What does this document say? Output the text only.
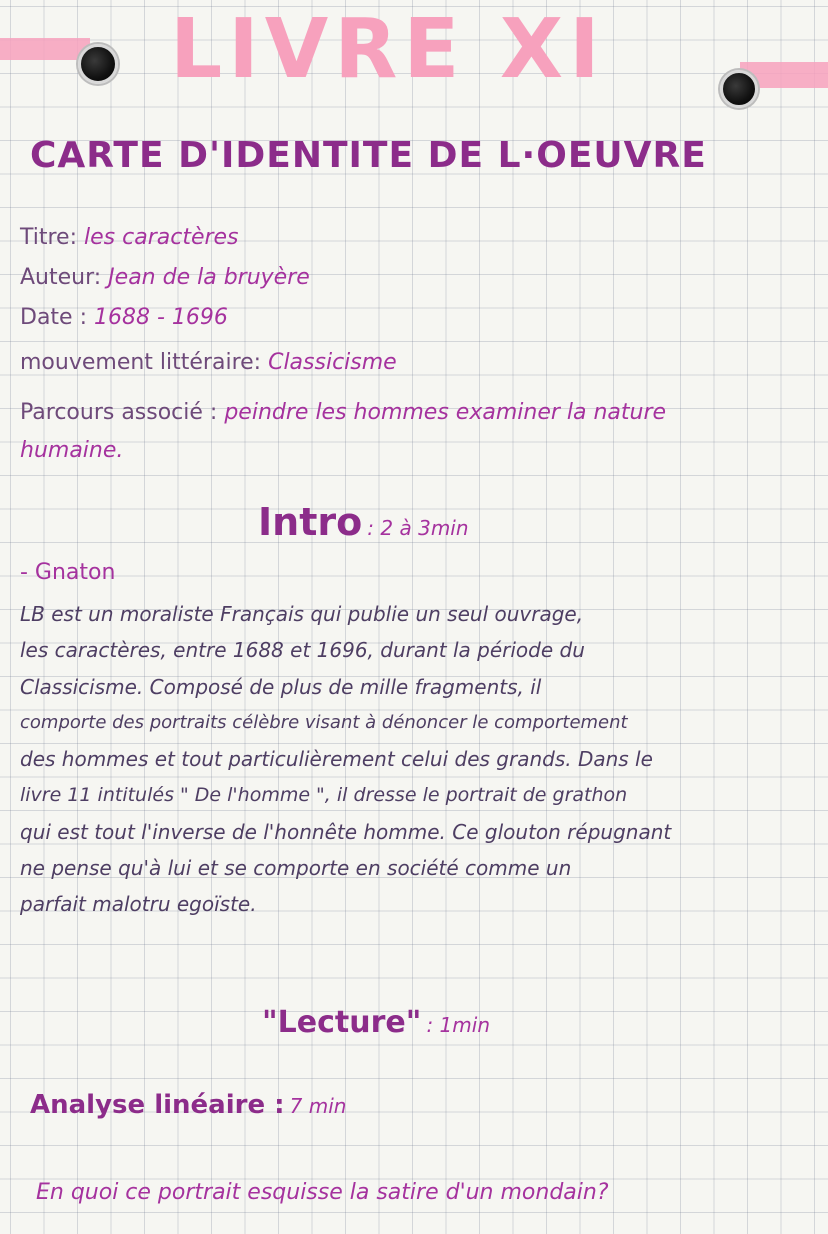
LIVRE XI
CARTE D'IDENTITE DE L·OEUVRE
Titre: les caractères
Auteur: Jean de la bruyère
Date : 1688 - 1696
mouvement littéraire: Classicisme
Parcours associé : peindre les hommes examiner la nature
humaine.
Intro : 2 à 3min
- Gnaton
LB est un moraliste Français qui publie un seul ouvrage,
les caractères, entre 1688 et 1696, durant la période du
Classicisme. Composé de plus de mille fragments, il
comporte des portraits célèbre visant à dénoncer le comportement
des hommes et tout particulièrement celui des grands. Dans le
livre 11 intitulés " De l'homme ", il dresse le portrait de grathon
qui est tout l'inverse de l'honnête homme. Ce glouton répugnant
ne pense qu'à lui et se comporte en société comme un
parfait malotru egoïste.
"Lecture" : 1min
Analyse linéaire : 7 min
En quoi ce portrait esquisse la satire d'un mondain?
